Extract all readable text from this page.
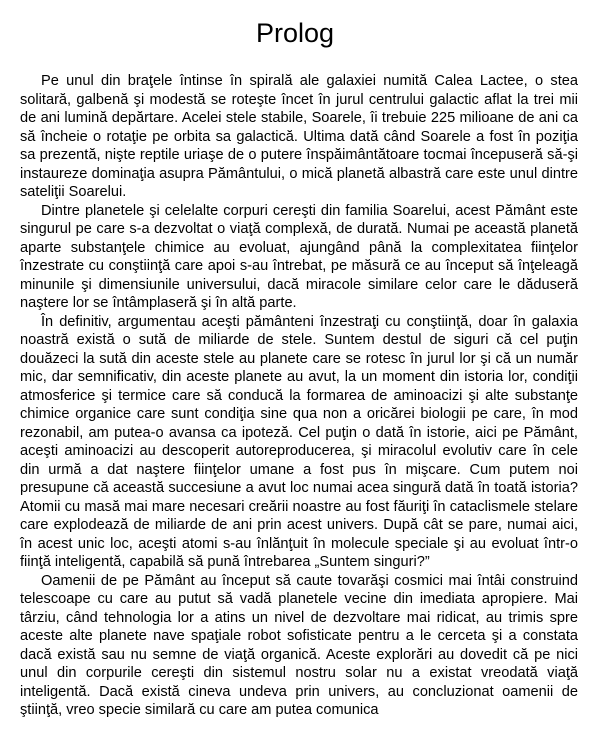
Prolog

Pe unul din braţele întinse în spirală ale galaxiei numită Calea Lactee, o stea solitară, galbenă şi modestă se roteşte încet în jurul centrului galactic aflat la trei mii de ani lumină depărtare. Acelei stele stabile, Soarele, îi trebuie 225 milioane de ani ca să încheie o rotaţie pe orbita sa galactică. Ultima dată când Soarele a fost în poziţia sa prezentă, nişte reptile uriaşe de o putere înspăimântătoare tocmai începuseră să-şi instaureze dominaţia asupra Pământului, o mică planetă albastră care este unul dintre sateliţii Soarelui.

Dintre planetele şi celelalte corpuri cereşti din familia Soarelui, acest Pământ este singurul pe care s-a dezvoltat o viaţă complexă, de durată. Numai pe această planetă aparte substanţele chimice au evoluat, ajungând până la complexitatea fiinţelor înzestrate cu conştiinţă care apoi s-au întrebat, pe măsură ce au început să înţeleagă minunile şi dimensiunile universului, dacă miracole similare celor care le dăduseră naştere lor se întâmplaseră şi în altă parte.

În definitiv, argumentau aceşti pământeni înzestraţi cu conştiinţă, doar în galaxia noastră există o sută de miliarde de stele. Suntem destul de siguri că cel puţin douăzeci la sută din aceste stele au planete care se rotesc în jurul lor şi că un număr mic, dar semnificativ, din aceste planete au avut, la un moment din istoria lor, condiţii atmosferice şi termice care să conducă la formarea de aminoacizi şi alte substanţe chimice organice care sunt condiţia sine qua non a oricărei biologii pe care, în mod rezonabil, am putea-o avansa ca ipoteză. Cel puţin o dată în istorie, aici pe Pământ, aceşti aminoacizi au descoperit autoreproducerea, şi miracolul evolutiv care în cele din urmă a dat naştere fiinţelor umane a fost pus în mişcare. Cum putem noi presupune că această succesiune a avut loc numai acea singură dată în toată istoria? Atomii cu masă mai mare necesari creării noastre au fost făuriţi în cataclismele stelare care explodează de miliarde de ani prin acest univers. După cât se pare, numai aici, în acest unic loc, aceşti atomi s-au înlănţuit în molecule speciale şi au evoluat într-o fiinţă inteligentă, capabilă să pună întrebarea „Suntem singuri?”

Oamenii de pe Pământ au început să caute tovarăşi cosmici mai întâi construind telescoape cu care au putut să vadă planetele vecine din imediata apropiere. Mai târziu, când tehnologia lor a atins un nivel de dezvoltare mai ridicat, au trimis spre aceste alte planete nave spaţiale robot sofisticate pentru a le cerceta şi a constata dacă există sau nu semne de viaţă organică. Aceste explorări au dovedit că pe nici unul din corpurile cereşti din sistemul nostru solar nu a existat vreodată viaţă inteligentă. Dacă există cineva undeva prin univers, au concluzionat oamenii de ştiinţă, vreo specie similară cu care am putea comunica
